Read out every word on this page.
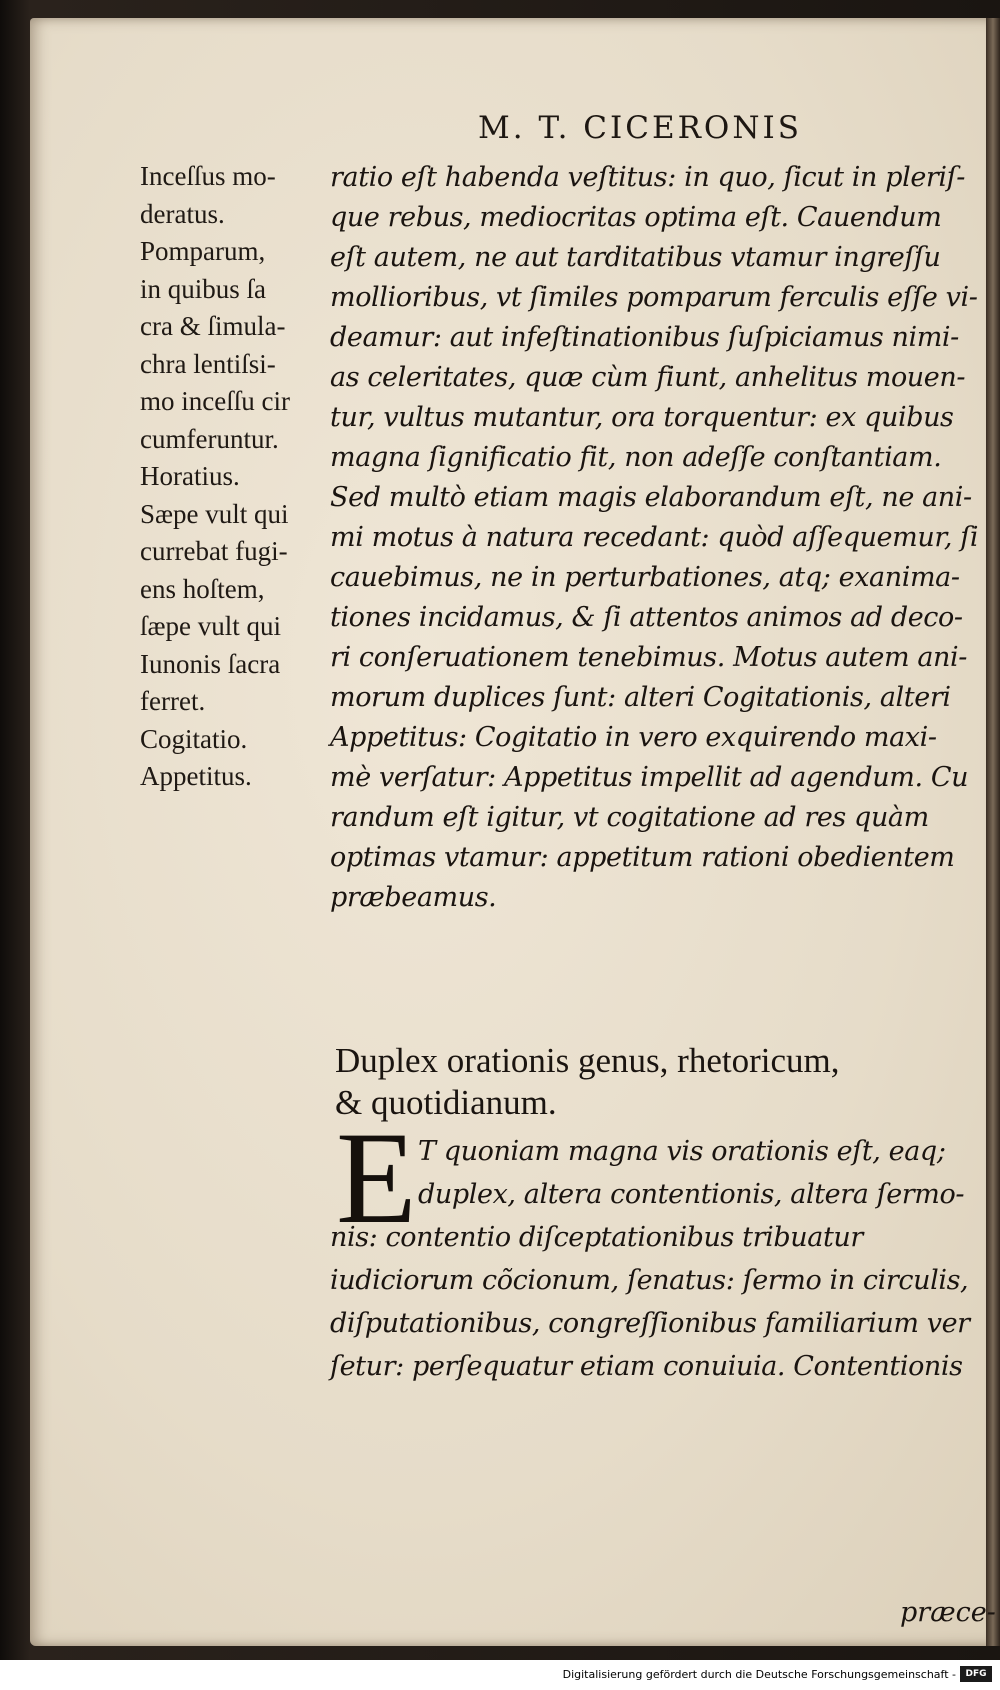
M. T. CICERONIS
Inceſſus mo-
deratus.
Pomparum,
in quibus ſa
cra & ſimula-
chra lentiſsi-
mo inceſſu cir
cumferuntur.
Horatius.
Sæpe vult qui
currebat fugi-
ens hoſtem,
ſæpe vult qui
Iunonis ſacra
ferret.
Cogitatio.
Appetitus.
ratio eſt habenda veſtitus: in quo, ſicut in pleriſ-
que rebus, mediocritas optima eſt. Cauendum
eſt autem, ne aut tarditatibus vtamur ingreſſu
mollioribus, vt ſimiles pomparum ferculis eſſe vi-
deamur: aut infeſtinationibus ſuſpiciamus nimi-
as celeritates, quæ cùm fiunt, anhelitus mouen-
tur, vultus mutantur, ora torquentur: ex quibus
magna ſignificatio fit, non adeſſe conſtantiam.
Sed multò etiam magis elaborandum eſt, ne ani-
mi motus à natura recedant: quòd aſſequemur, ſi
cauebimus, ne in perturbationes, atq; exanima-
tiones incidamus, & ſi attentos animos ad deco-
ri conſeruationem tenebimus. Motus autem ani-
morum duplices ſunt: alteri Cogitationis, alteri
Appetitus: Cogitatio in vero exquirendo maxi-
mè verſatur: Appetitus impellit ad agendum. Cu
randum eſt igitur, vt cogitatione ad res quàm
optimas vtamur: appetitum rationi obedientem
præbeamus.
Duplex orationis genus, rhetoricum,
& quotidianum.
E T quoniam magna vis orationis eſt, eaq;
duplex, altera contentionis, altera ſermo-
nis: contentio diſceptationibus tribuatur
iudiciorum cõcionum, ſenatus: ſermo in circulis,
diſputationibus, congreſſionibus familiarium ver
ſetur: perſequatur etiam conuiuia. Contentionis
præce-
Digitalisierung gefördert durch die Deutsche Forschungsgemeinschaft -	DFG
